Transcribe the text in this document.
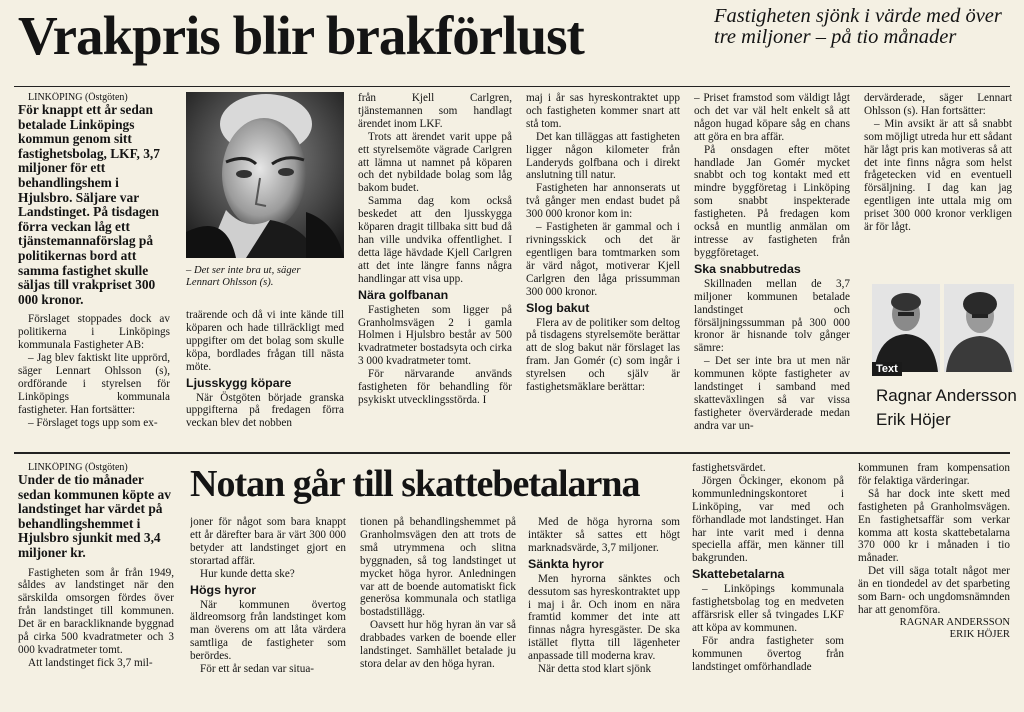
Vrakpris blir brakförlust	Fastigheten sjönk i värde med över tre miljoner – på tio månader

LINKÖPING (Östgöten)

För knappt ett år sedan betalade Linköpings kommun genom sitt fastighetsbolag, LKF, 3,7 miljoner för ett behandlingshem i Hjulsbro. Säljare var Landstinget. På tisdagen förra veckan låg ett tjänstemannaförslag på politikernas bord att samma fastighet skulle säljas till vrakpriset 300 000 kronor.

Förslaget stoppades dock av politikerna i Linköpings kommunala Fastigheter AB:

– Jag blev faktiskt lite upprörd, säger Lennart Ohlsson (s), ordförande i styrelsen för Linköpings kommunala fastigheter. Han fortsätter:

– Förslaget togs upp som ex-

– Det ser inte bra ut, säger Lennart Ohlsson (s).

traärende och då vi inte kände till köparen och hade tillräckligt med uppgifter om det bolag som skulle köpa, bordlades frågan till nästa möte.

Ljusskygg köpare

När Östgöten började granska uppgifterna på fredagen förra veckan blev det nobben

från Kjell Carlgren, tjänstemannen som handlagt ärendet inom LKF.

Trots att ärendet varit uppe på ett styrelsemöte vägrade Carlgren att lämna ut namnet på köparen och det nybildade bolag som låg bakom budet.

Samma dag kom också beskedet att den ljusskygga köparen dragit tillbaka sitt bud då han ville undvika offentlighet. I detta läge hävdade Kjell Carlgren att det inte längre fanns några handlingar att visa upp.

Nära golfbanan

Fastigheten som ligger på Granholmsvägen 2 i gamla Holmen i Hjulsbro består av 500 kvadratmeter bostadsyta och cirka 3 000 kvadratmeter tomt.

För närvarande används fastigheten för behandling för psykiskt utvecklingsstörda. I

maj i år sas hyreskontraktet upp och fastigheten kommer snart att stå tom.

Det kan tilläggas att fastigheten ligger någon kilometer från Landeryds golfbana och i direkt anslutning till natur.

Fastigheten har annonserats ut två gånger men endast budet på 300 000 kronor kom in:

– Fastigheten är gammal och i rivningsskick och det är egentligen bara tomtmarken som är värd något, motiverar Kjell Carlgren den låga prissumman 300 000 kronor.

Slog bakut

Flera av de politiker som deltog på tisdagens styrelsemöte berättar att de slog bakut när förslaget las fram. Jan Gomér (c) som ingår i styrelsen och själv är fastighetsmäklare berättar:

– Priset framstod som väldigt lågt och det var väl helt enkelt så att någon hugad köpare såg en chans att göra en bra affär.

På onsdagen efter mötet handlade Jan Gomér mycket snabbt och tog kontakt med ett mindre byggföretag i Linköping som snabbt inspekterade fastigheten. På fredagen kom också en muntlig anmälan om intresse av fastigheten från byggföretaget.

Ska snabbutredas

Skillnaden mellan de 3,7 miljoner kommunen betalade landstinget och försäljningssumman på 300 000 kronor är hisnande tolv gånger sämre:

– Det ser inte bra ut men när kommunen köpte fastigheter av landstinget i samband med skatteväxlingen så var vissa fastigheter övervärderade medan andra var un-

dervärderade, säger Lennart Ohlsson (s). Han fortsätter:

– Min avsikt är att så snabbt som möjligt utreda hur ett sådant här lågt pris kan motiveras så att det inte finns några som helst frågetecken vid en eventuell försäljning. I dag kan jag egentligen inte uttala mig om priset 300 000 kronor verkligen är för lågt.

Text
Ragnar Andersson
Erik Höjer

LINKÖPING (Östgöten)

Under de tio månader sedan kommunen köpte av landstinget har värdet på behandlingshemmet i Hjulsbro sjunkit med 3,4 miljoner kr.

Fastigheten som år från 1949, såldes av landstinget när den särskilda omsorgen fördes över från landstinget till kommunen. Det är en barackliknande byggnad på cirka 500 kvadratmeter och 3 000 kvadratmeter tomt.

Att landstinget fick 3,7 mil-

Notan går till skattebetalarna

joner för något som bara knappt ett år därefter bara är värt 300 000 betyder att landstinget gjort en storartad affär.

Hur kunde detta ske?

Högs hyror

När kommunen övertog äldreomsorg från landstinget kom man överens om att låta värdera samtliga de fastigheter som berördes.

För ett år sedan var situa-

tionen på behandlingshemmet på Granholmsvägen den att trots de små utrymmena och slitna byggnaden, så tog landstinget ut mycket höga hyror. Anledningen var att de boende automatiskt fick generösa kommunala och statliga bostadstillägg.

Oavsett hur hög hyran än var så drabbades varken de boende eller landstinget. Samhället betalade ju stora delar av den höga hyran.

Med de höga hyrorna som intäkter så sattes ett högt marknadsvärde, 3,7 miljoner.

Sänkta hyror

Men hyrorna sänktes och dessutom sas hyreskontraktet upp i maj i år. Och inom en nära framtid kommer det inte att finnas några hyresgäster. De ska istället flytta till lägenheter anpassade till moderna krav.

När detta stod klart sjönk

fastighetsvärdet.

Jörgen Öckinger, ekonom på kommunledningskontoret i Linköping, var med och förhandlade mot landstinget. Han har inte varit med i denna speciella affär, men känner till bakgrunden.

Skattebetalarna

– Linköpings kommunala fastighetsbolag tog en medveten affärsrisk eller så tvingades LKF att köpa av kommunen.

För andra fastigheter som kommunen övertog från landstinget omförhandlade

kommunen fram kompensation för felaktiga värderingar.

Så har dock inte skett med fastigheten på Granholmsvägen. En fastighetsaffär som verkar komma att kosta skattebetalarna 370 000 kr i månaden i tio månader.

Det vill säga totalt något mer än en tiondedel av det sparbeting som Barn- och ungdomsnämnden har att genomföra.

RAGNAR ANDERSSON

ERIK HÖJER
